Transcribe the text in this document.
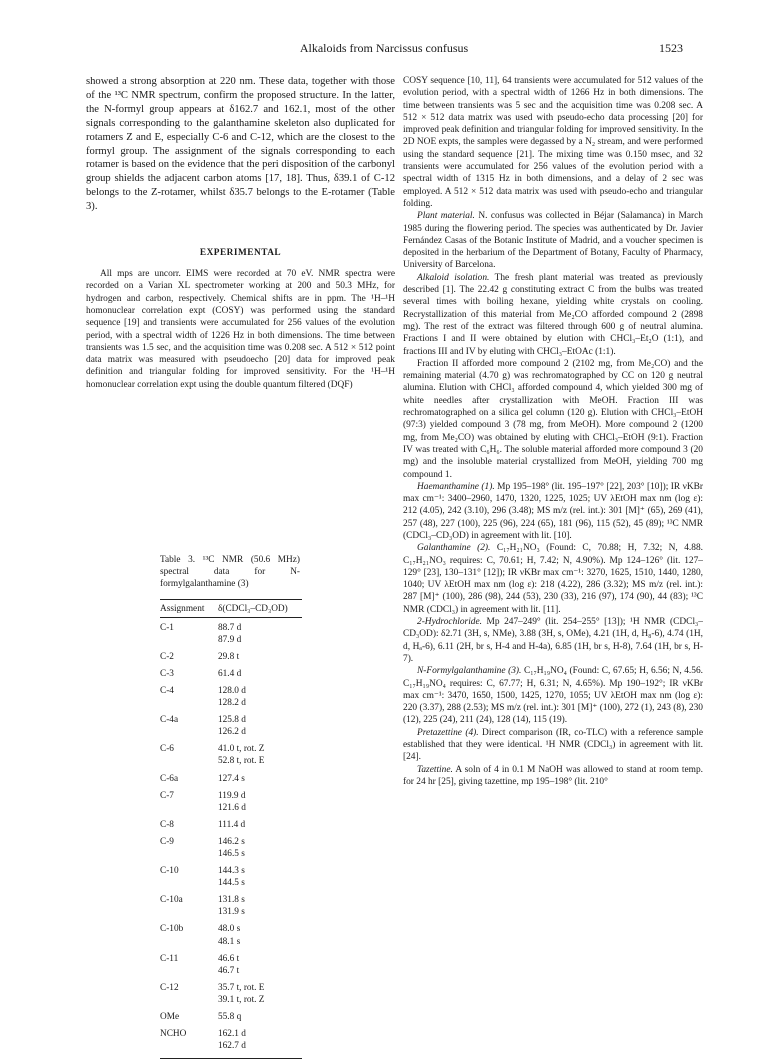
Alkaloids from Narcissus confusus	1523

showed a strong absorption at 220 nm. These data, together with those of the ¹³C NMR spectrum, confirm the proposed structure. In the latter, the N-formyl group appears at δ162.7 and 162.1, most of the other signals corresponding to the galanthamine skeleton also duplicated for rotamers Z and E, especially C-6 and C-12, which are the closest to the formyl group. The assignment of the signals corresponding to each rotamer is based on the evidence that the peri disposition of the carbonyl group shields the adjacent carbon atoms [17, 18]. Thus, δ39.1 of C-12 belongs to the Z-rotamer, whilst δ35.7 belongs to the E-rotamer (Table 3).

EXPERIMENTAL

All mps are uncorr. EIMS were recorded at 70 eV. NMR spectra were recorded on a Varian XL spectrometer working at 200 and 50.3 MHz, for hydrogen and carbon, respectively. Chemical shifts are in ppm. The ¹H–¹H homonuclear correlation expt (COSY) was performed using the standard sequence [19] and transients were accumulated for 256 values of the evolution period, with a spectral width of 1226 Hz in both dimensions. The time between transients was 1.5 sec, and the acquisition time was 0.208 sec. A 512 × 512 point data matrix was measured with pseudoecho [20] data for improved peak definition and triangular folding for improved sensitivity. For the ¹H–¹H homonuclear correlation expt using the double quantum filtered (DQF)

Table 3. ¹³C NMR (50.6 MHz) spectral data for N-formylgalanthamine (3)
Assignment	δ(CDCl₃–CD₃OD)
C-1	88.7 d
87.9 d
C-2	29.8 t
C-3	61.4 d
C-4	128.0 d
128.2 d
C-4a	125.8 d
126.2 d
C-6	41.0 t, rot. Z
52.8 t, rot. E
C-6a	127.4 s
C-7	119.9 d
121.6 d
C-8	111.4 d
C-9	146.2 s
146.5 s
C-10	144.3 s
144.5 s
C-10a	131.8 s
131.9 s
C-10b	48.0 s
48.1 s
C-11	46.6 t
46.7 t
C-12	35.7 t, rot. E
39.1 t, rot. Z
OMe	55.8 q
NCHO	162.1 d
162.7 d

COSY sequence [10, 11], 64 transients were accumulated for 512 values of the evolution period, with a spectral width of 1266 Hz in both dimensions. The time between transients was 5 sec and the acquisition time was 0.208 sec. A 512 × 512 data matrix was used with pseudo-echo data processing [20] for improved peak definition and triangular folding for improved sensitivity. In the 2D NOE expts, the samples were degassed by a N₂ stream, and were performed using the standard sequence [21]. The mixing time was 0.150 msec, and 32 transients were accumulated for 256 values of the evolution period with a spectral width of 1315 Hz in both dimensions, and a delay of 2 sec was employed. A 512 × 512 data matrix was used with pseudo-echo and triangular folding.

Plant material. N. confusus was collected in Béjar (Salamanca) in March 1985 during the flowering period. The species was authenticated by Dr. Javier Fernández Casas of the Botanic Institute of Madrid, and a voucher specimen is deposited in the herbarium of the Department of Botany, Faculty of Pharmacy, University of Barcelona.

Alkaloid isolation. The fresh plant material was treated as previously described [1]. The 22.42 g constituting extract C from the bulbs was treated several times with boiling hexane, yielding white crystals on cooling. Recrystallization of this material from Me₂CO afforded compound 2 (2898 mg). The rest of the extract was filtered through 600 g of neutral alumina. Fractions I and II were obtained by elution with CHCl₃–Et₂O (1:1), and fractions III and IV by eluting with CHCl₃–EtOAc (1:1).

Fraction II afforded more compound 2 (2102 mg, from Me₂CO) and the remaining material (4.70 g) was rechromatographed by CC on 120 g neutral alumina. Elution with CHCl₃ afforded compound 4, which yielded 300 mg of white needles after crystallization with MeOH. Fraction III was rechromatographed on a silica gel column (120 g). Elution with CHCl₃–EtOH (97:3) yielded compound 3 (78 mg, from MeOH). More compound 2 (1200 mg, from Me₂CO) was obtained by eluting with CHCl₃–EtOH (9:1). Fraction IV was treated with C₆H₆. The soluble material afforded more compound 3 (20 mg) and the insoluble material crystallized from MeOH, yielding 700 mg compound 1.

Haemanthamine (1). Mp 195–198° (lit. 195–197° [22], 203° [10]); IR νKBr max cm⁻¹: 3400–2960, 1470, 1320, 1225, 1025; UV λEtOH max nm (log ε): 212 (4.05), 242 (3.10), 296 (3.48); MS m/z (rel. int.): 301 [M]⁺ (65), 269 (41), 257 (48), 227 (100), 225 (96), 224 (65), 181 (96), 115 (52), 45 (89); ¹³C NMR (CDCl₃–CD₃OD) in agreement with lit. [10].

Galanthamine (2). C₁₇H₂₁NO₃ (Found: C, 70.88; H, 7.32; N, 4.88. C₁₇H₂₁NO₃ requires: C, 70.61; H, 7.42; N, 4.90%). Mp 124–126° (lit. 127–129° [23], 130–131° [12]); IR νKBr max cm⁻¹: 3270, 1625, 1510, 1440, 1280, 1040; UV λEtOH max nm (log ε): 218 (4.22), 286 (3.32); MS m/z (rel. int.): 287 [M]⁺ (100), 286 (98), 244 (53), 230 (33), 216 (97), 174 (90), 44 (83); ¹³C NMR (CDCl₃) in agreement with lit. [11].

2-Hydrochloride. Mp 247–249° (lit. 254–255° [13]); ¹H NMR (CDCl₃–CD₃OD): δ2.71 (3H, s, NMe), 3.88 (3H, s, OMe), 4.21 (1H, d, H₈-6), 4.74 (1H, d, Hₐ-6), 6.11 (2H, br s, H-4 and H-4a), 6.85 (1H, br s, H-8), 7.64 (1H, br s, H-7).

N-Formylgalanthamine (3). C₁₇H₁₉NO₄ (Found: C, 67.65; H, 6.56; N, 4.56. C₁₇H₁₉NO₄ requires: C, 67.77; H, 6.31; N, 4.65%). Mp 190–192°; IR νKBr max cm⁻¹: 3470, 1650, 1500, 1425, 1270, 1055; UV λEtOH max nm (log ε): 220 (3.37), 288 (2.53); MS m/z (rel. int.): 301 [M]⁺ (100), 272 (1), 243 (8), 230 (12), 225 (24), 211 (24), 128 (14), 115 (19).

Pretazettine (4). Direct comparison (IR, co-TLC) with a reference sample established that they were identical. ¹H NMR (CDCl₃) in agreement with lit. [24].

Tazettine. A soln of 4 in 0.1 M NaOH was allowed to stand at room temp. for 24 hr [25], giving tazettine, mp 195–198° (lit. 210°
